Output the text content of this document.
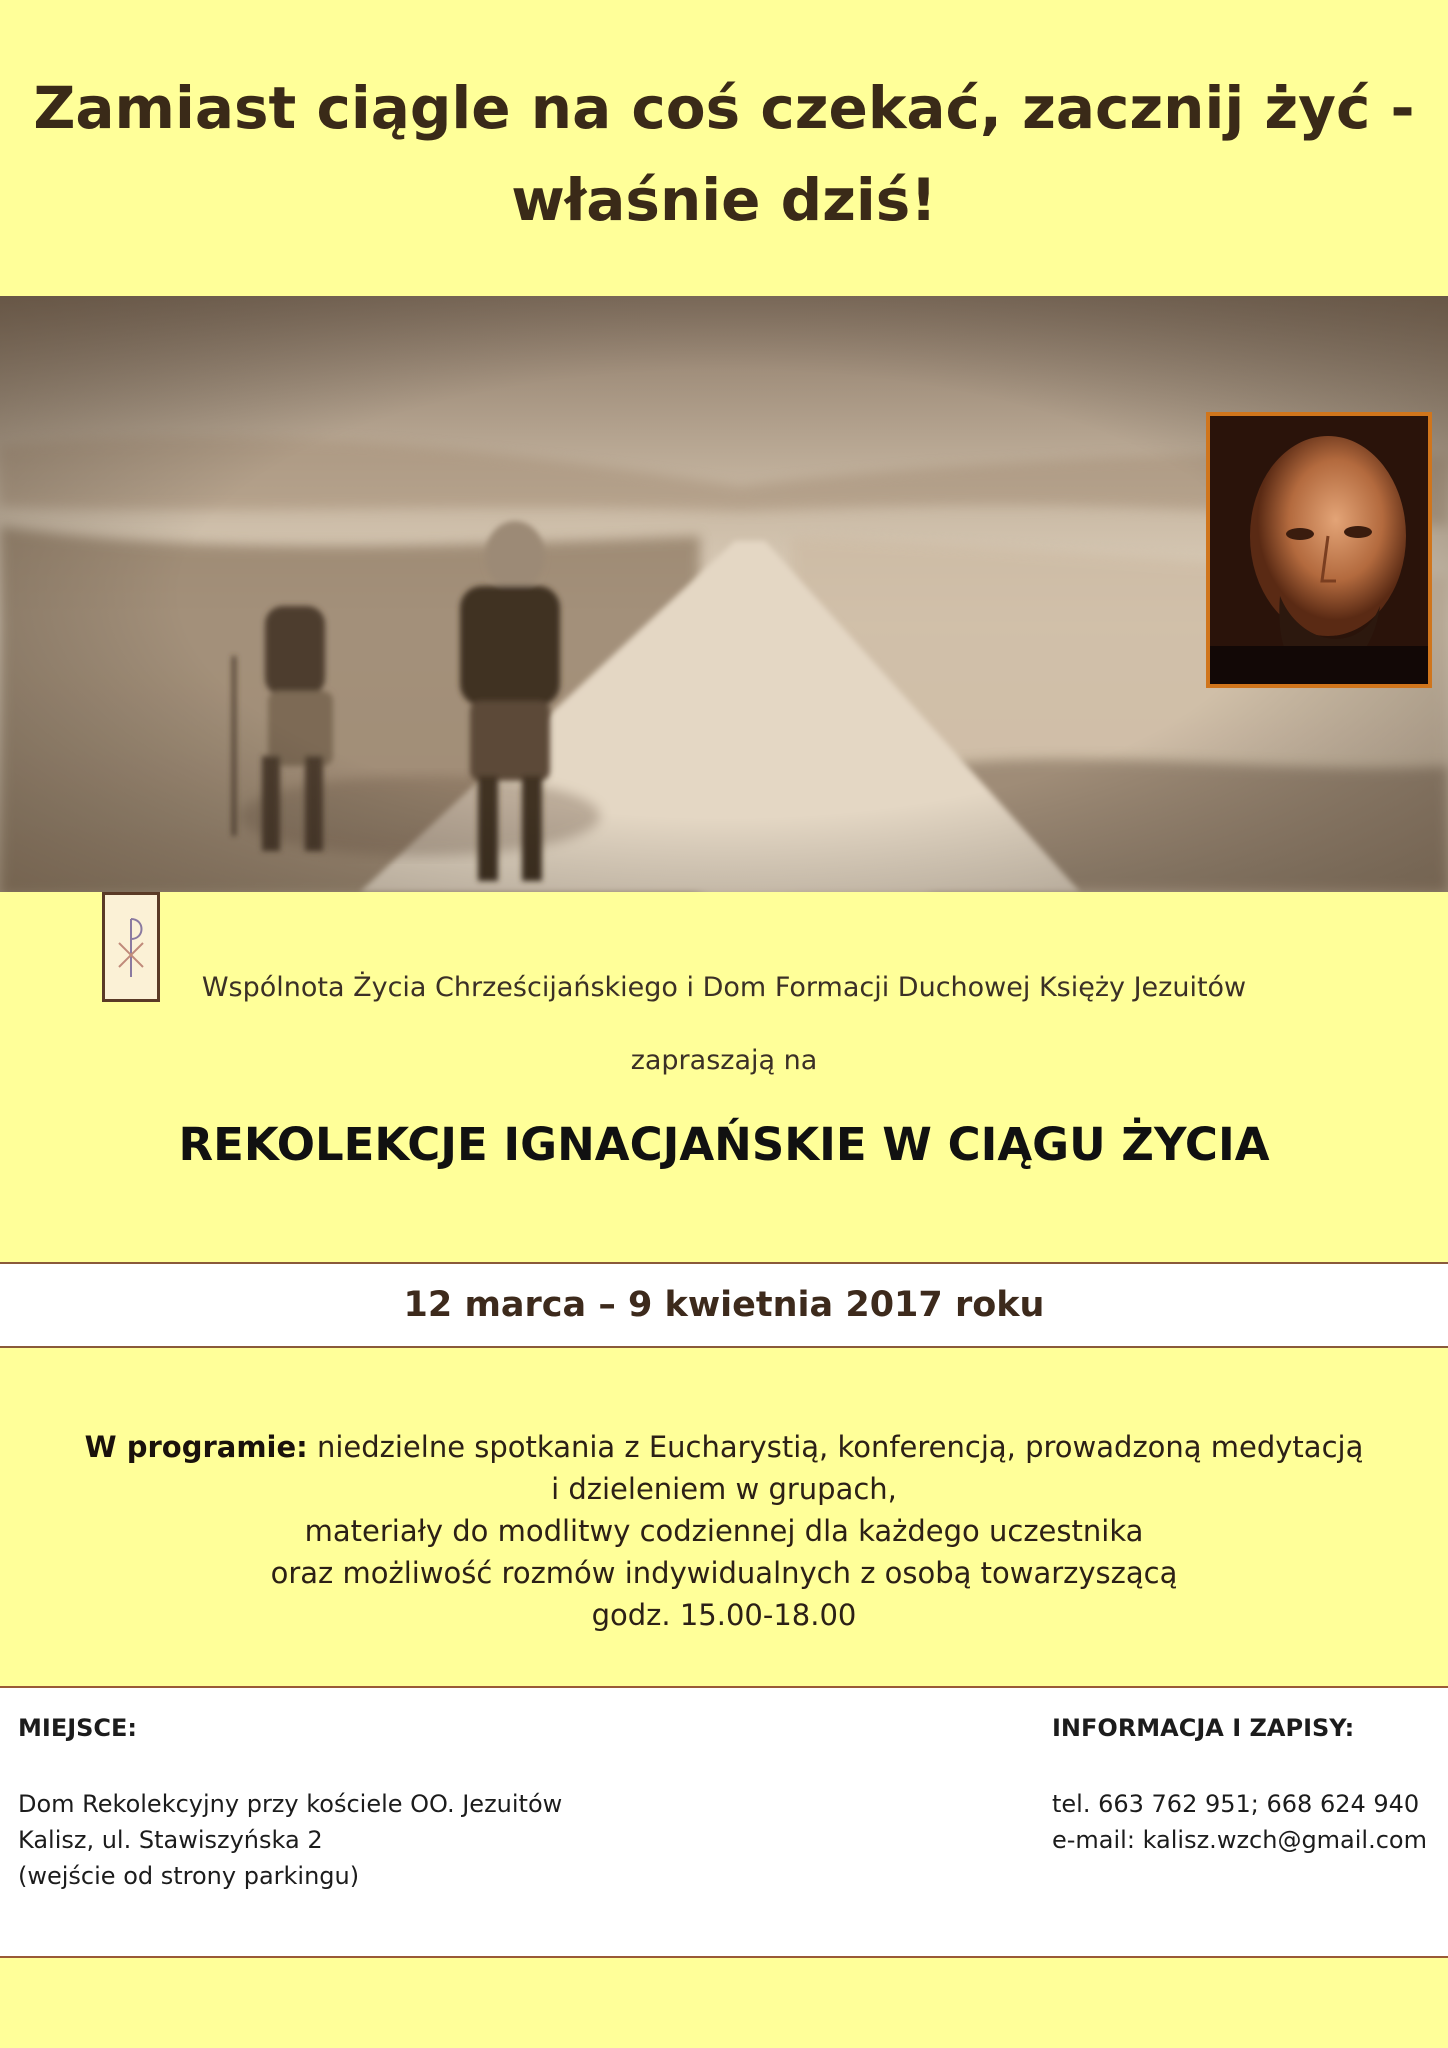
Zamiast ciągle na coś czekać, zacznij żyć -
właśnie dziś!
Wspólnota Życia Chrześcijańskiego i Dom Formacji Duchowej Księży Jezuitów
zapraszają na
REKOLEKCJE IGNACJAŃSKIE W CIĄGU ŻYCIA
12 marca – 9 kwietnia 2017 roku
W programie: niedzielne spotkania z Eucharystią, konferencją, prowadzoną medytacją
i dzieleniem w grupach,
materiały do modlitwy codziennej dla każdego uczestnika
oraz możliwość rozmów indywidualnych z osobą towarzyszącą
godz. 15.00-18.00
MIEJSCE:
Dom Rekolekcyjny przy kościele OO. Jezuitów
Kalisz, ul. Stawiszyńska 2
(wejście od strony parkingu)
INFORMACJA I ZAPISY:
tel. 663 762 951; 668 624 940
e-mail: kalisz.wzch@gmail.com
